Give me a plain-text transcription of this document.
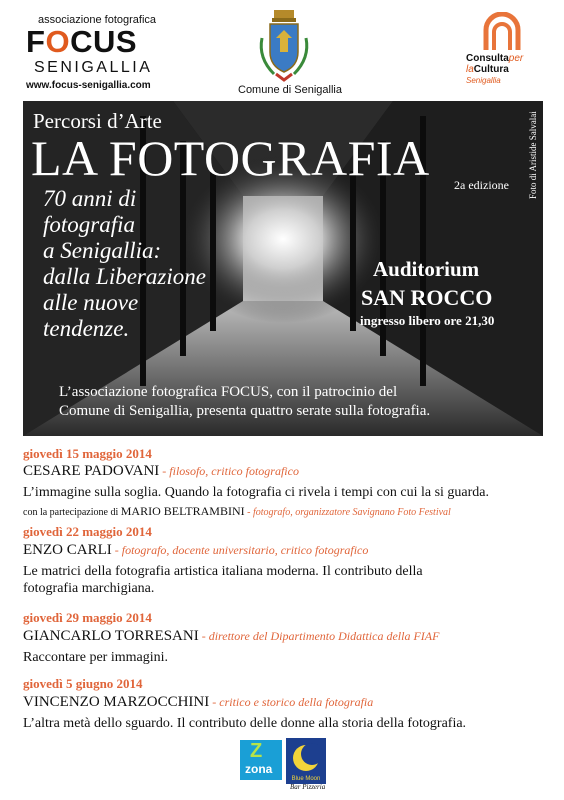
associazione fotografica
FOCUS
SENIGALLIA
www.focus-senigallia.com	Comune di Senigallia
Consultaper
laCultura
Senigallia
Percorsi d’Arte
LA FOTOGRAFIA 2a edizione Foto di Aristide Salvalai
70 anni di
fotografia
a Senigallia:
dalla Liberazione
alle nuove
tendenze.
Auditorium
SAN ROCCO
ingresso libero ore 21,30
L’associazione fotografica FOCUS, con il patrocinio del
Comune di Senigallia, presenta quattro serate sulla fotografia.
giovedì 15 maggio 2014
CESARE PADOVANI - filosofo, critico fotografico
L’immagine sulla soglia. Quando la fotografia ci rivela i tempi con cui la si guarda.
con la partecipazione di MARIO BELTRAMBINI - fotografo, organizzatore Savignano Foto Festival
giovedì 22 maggio 2014
ENZO CARLI - fotografo, docente universitario, critico fotografico
Le matrici della fotografia artistica italiana moderna. Il contributo della
fotografia marchigiana.
giovedì 29 maggio 2014
GIANCARLO TORRESANI - direttore del Dipartimento Didattica della FIAF
Raccontare per immagini.
giovedì 5 giugno 2014
VINCENZO MARZOCCHINI - critico e storico della fotografia
L’altra metà dello sguardo. Il contributo delle donne alla storia della fotografia.
zona
Z
Blue Moon
Bar Pizzeria
